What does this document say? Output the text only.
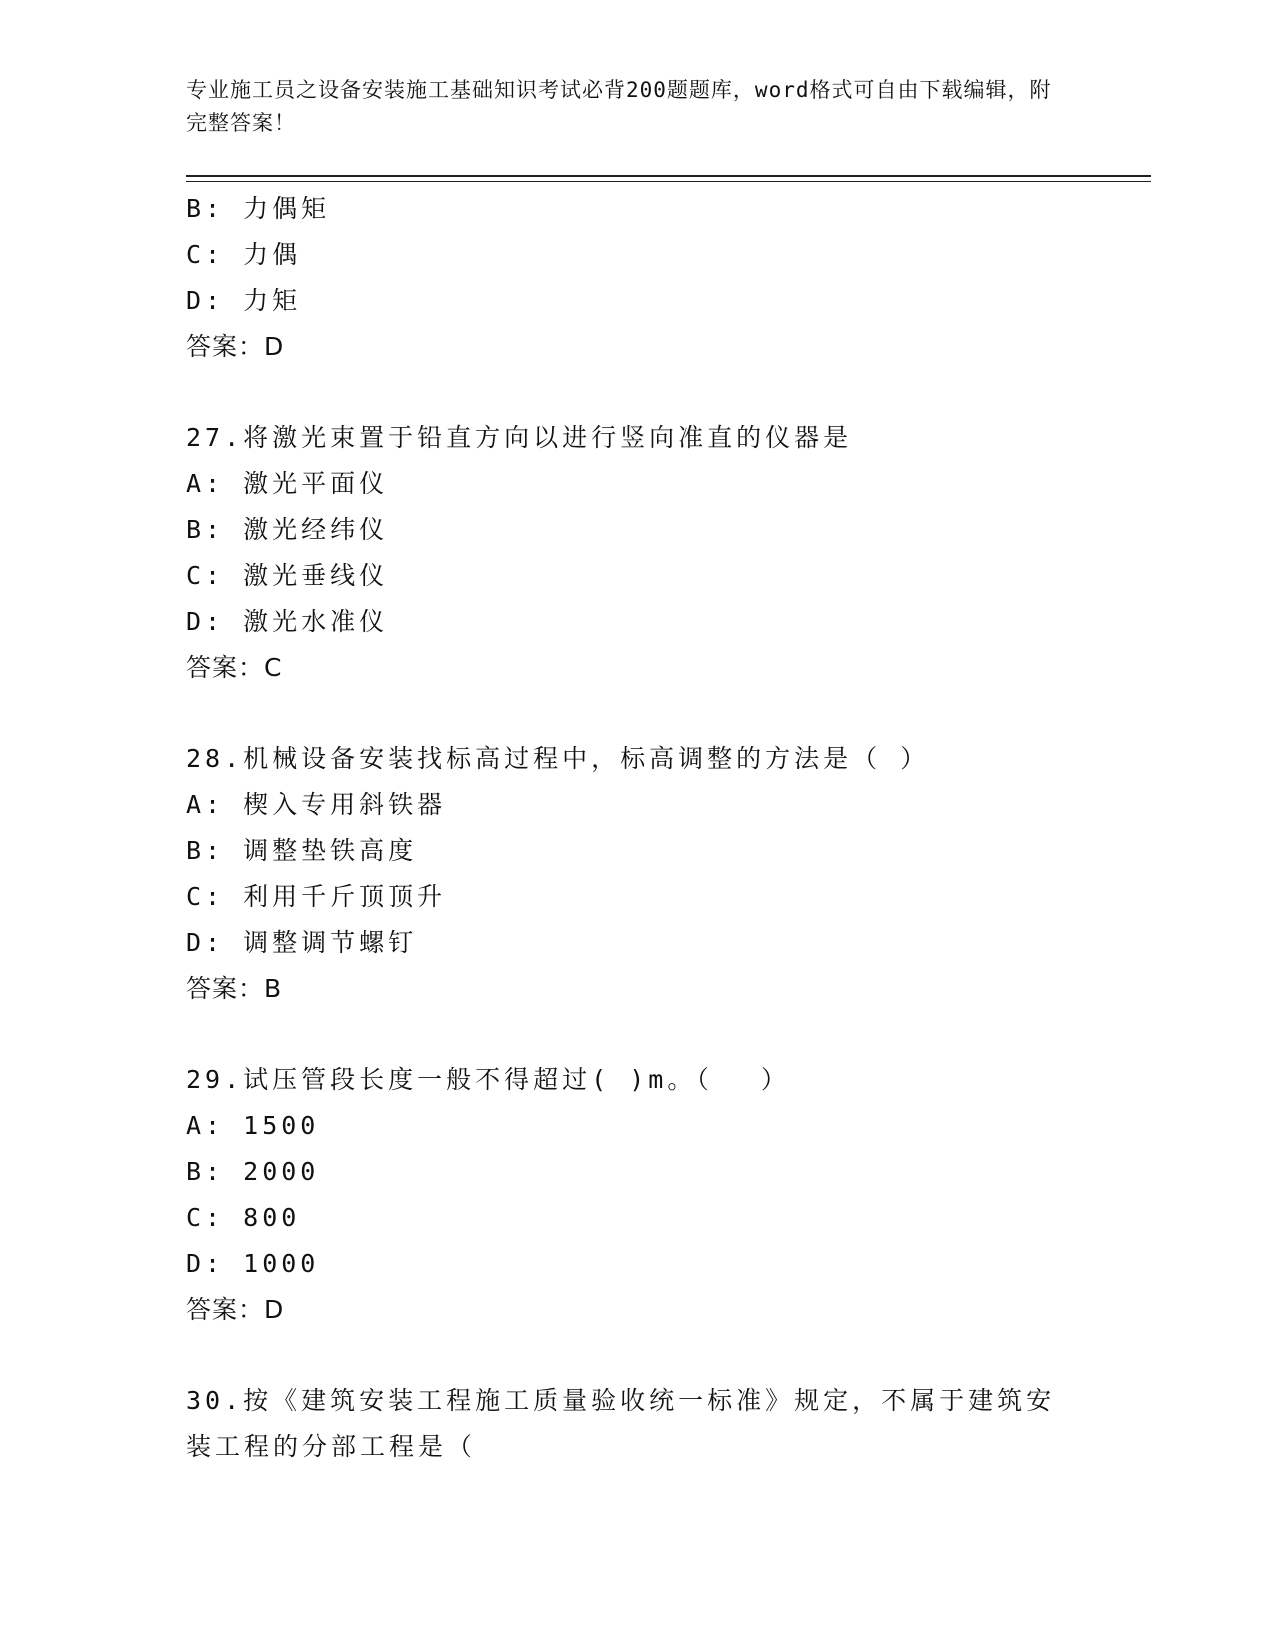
专业施工员之设备安装施工基础知识考试必背200题题库，word格式可自由下载编辑，附完整答案！
B: 力偶矩
C: 力偶
D: 力矩
答案：D
27.将激光束置于铅直方向以进行竖向准直的仪器是
A: 激光平面仪
B: 激光经纬仪
C: 激光垂线仪
D: 激光水准仪
答案：C
28.机械设备安装找标高过程中，标高调整的方法是（ ）
A: 楔入专用斜铁器
B: 调整垫铁高度
C: 利用千斤顶顶升
D: 调整调节螺钉
答案：B
29.试压管段长度一般不得超过( )m。（　 ）
A: 1500
B: 2000
C: 800
D: 1000
答案：D
30.按《建筑安装工程施工质量验收统一标准》规定，不属于建筑安装工程的分部工程是（
